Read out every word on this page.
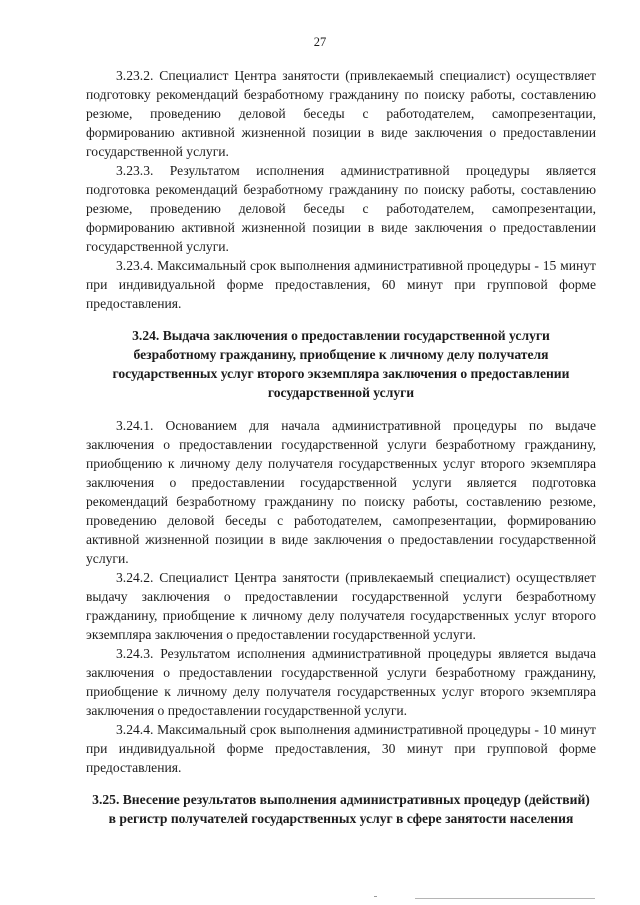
27

3.23.2. Специалист Центра занятости (привлекаемый специалист) осуществляет подготовку рекомендаций безработному гражданину по поиску работы, составлению резюме, проведению деловой беседы с работодателем, самопрезентации, формированию активной жизненной позиции в виде заключения о предоставлении государственной услуги.

3.23.3. Результатом исполнения административной процедуры является подготовка рекомендаций безработному гражданину по поиску работы, составлению резюме, проведению деловой беседы с работодателем, самопрезентации, формированию активной жизненной позиции в виде заключения о предоставлении государственной услуги.

3.23.4. Максимальный срок выполнения административной процедуры - 15 минут при индивидуальной форме предоставления, 60 минут при групповой форме предоставления.

3.24. Выдача заключения о предоставлении государственной услуги безработному гражданину, приобщение к личному делу получателя государственных услуг второго экземпляра заключения о предоставлении государственной услуги

3.24.1. Основанием для начала административной процедуры по выдаче заключения о предоставлении государственной услуги безработному гражданину, приобщению к личному делу получателя государственных услуг второго экземпляра заключения о предоставлении государственной услуги является подготовка рекомендаций безработному гражданину по поиску работы, составлению резюме, проведению деловой беседы с работодателем, самопрезентации, формированию активной жизненной позиции в виде заключения о предоставлении государственной услуги.

3.24.2. Специалист Центра занятости (привлекаемый специалист) осуществляет выдачу заключения о предоставлении государственной услуги безработному гражданину, приобщение к личному делу получателя государственных услуг второго экземпляра заключения о предоставлении государственной услуги.

3.24.3. Результатом исполнения административной процедуры является выдача заключения о предоставлении государственной услуги безработному гражданину, приобщение к личному делу получателя государственных услуг второго экземпляра заключения о предоставлении государственной услуги.

3.24.4. Максимальный срок выполнения административной процедуры - 10 минут при индивидуальной форме предоставления, 30 минут при групповой форме предоставления.

3.25. Внесение результатов выполнения административных процедур (действий) в регистр получателей государственных услуг в сфере занятости населения
